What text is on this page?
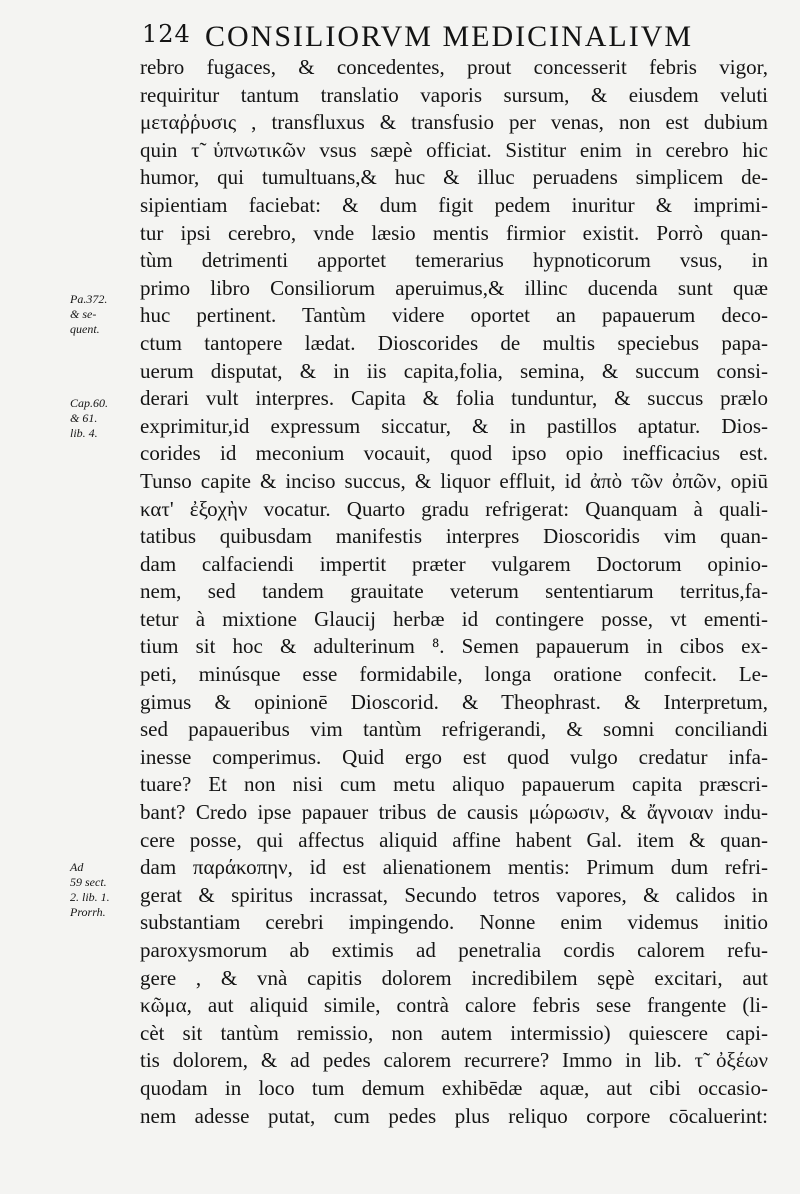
124 CONSILIORVM MEDICINALIVM
rebro fugaces, & concedentes, prout concesserit febris vigor,
requiritur tantum translatio vaporis sursum, & eiusdem veluti
μεταῤῥυσις , transfluxus & transfusio per venas, non est dubium
quin τ̃ ὑπνωτικῶν vsus sæpè officiat. Sistitur enim in cerebro hic
humor, qui tumultuans,& huc & illuc peruadens simplicem de-
sipientiam faciebat: & dum figit pedem inuritur & imprimi-
tur ipsi cerebro, vnde læsio mentis firmior existit. Porrò quan-
tùm detrimenti apportet temerarius hypnoticorum vsus, in
primo libro Consiliorum aperuimus,& illinc ducenda sunt quæ
huc pertinent. Tantùm videre oportet an papauerum deco-
ctum tantopere lædat. Dioscorides de multis speciebus papa-
uerum disputat, & in iis capita,folia, semina, & succum consi-
derari vult interpres. Capita & folia tunduntur, & succus prælo
exprimitur,id expressum siccatur, & in pastillos aptatur. Dios-
corides id meconium vocauit, quod ipso opio inefficacius est.
Tunso capite & inciso succus, & liquor effluit, id ἀπὸ τῶν ὀπῶν, opiū
κατ' ἐξοχὴν vocatur. Quarto gradu refrigerat: Quanquam à quali-
tatibus quibusdam manifestis interpres Dioscoridis vim quan-
dam calfaciendi impertit præter vulgarem Doctorum opinio-
nem, sed tandem grauitate veterum sententiarum territus,fa-
tetur à mixtione Glaucij herbæ id contingere posse, vt ementi-
tium sit hoc & adulterinum ⁸. Semen papauerum in cibos ex-
peti, minúsque esse formidabile, longa oratione confecit. Le-
gimus & opinionē Dioscorid. & Theophrast. & Interpretum,
sed papaueribus vim tantùm refrigerandi, & somni conciliandi
inesse comperimus. Quid ergo est quod vulgo credatur infa-
tuare? Et non nisi cum metu aliquo papauerum capita præscri-
bant? Credo ipse papauer tribus de causis μώρωσιν, & ἄγνοιαν indu-
cere posse, qui affectus aliquid affine habent Gal. item & quan-
dam παράκοπην, id est alienationem mentis: Primum dum refri-
gerat & spiritus incrassat, Secundo tetros vapores, & calidos in
substantiam cerebri impingendo. Nonne enim videmus initio
paroxysmorum ab extimis ad penetralia cordis calorem refu-
gere , & vnà capitis dolorem incredibilem sępè excitari, aut
κῶμα, aut aliquid simile, contrà calore febris sese frangente (li-
cèt sit tantùm remissio, non autem intermissio) quiescere capi-
tis dolorem, & ad pedes calorem recurrere? Immo in lib. τ̃ ὀξέων
quodam in loco tum demum exhibēdæ aquæ, aut cibi occasio-
nem adesse putat, cum pedes plus reliquo corpore cōcaluerint:
Pa.372.
& se-
quent.
Cap.60.
& 61.
lib. 4.
Ad
59 sect.
2. lib. 1.
Prorrh.
